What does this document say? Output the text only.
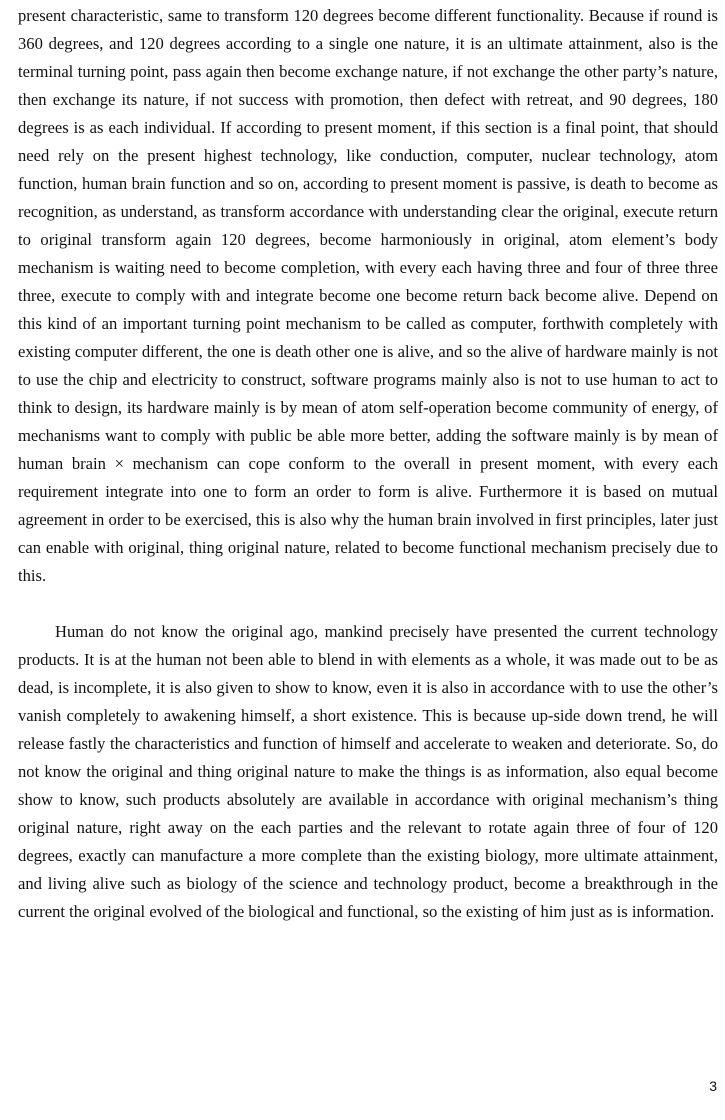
present characteristic, same to transform 120 degrees become different functionality. Because if round is 360 degrees, and 120 degrees according to a single one nature, it is an ultimate attainment, also is the terminal turning point, pass again then become exchange nature, if not exchange the other party’s nature, then exchange its nature, if not success with promotion, then defect with retreat, and 90 degrees, 180 degrees is as each individual. If according to present moment, if this section is a final point, that should need rely on the present highest technology, like conduction, computer, nuclear technology, atom function, human brain function and so on, according to present moment is passive, is death to become as recognition, as understand, as transform accordance with understanding clear the original, execute return to original transform again 120 degrees, become harmoniously in original, atom element’s body mechanism is waiting need to become completion, with every each having three and four of three three three, execute to comply with and integrate become one become return back become alive. Depend on this kind of an important turning point mechanism to be called as computer, forthwith completely with existing computer different, the one is death other one is alive, and so the alive of hardware mainly is not to use the chip and electricity to construct, software programs mainly also is not to use human to act to think to design, its hardware mainly is by mean of atom self-operation become community of energy, of mechanisms want to comply with public be able more better, adding the software mainly is by mean of human brain × mechanism can cope conform to the overall in present moment, with every each requirement integrate into one to form an order to form is alive. Furthermore it is based on mutual agreement in order to be exercised, this is also why the human brain involved in first principles, later just can enable with original, thing original nature, related to become functional mechanism precisely due to this.

Human do not know the original ago, mankind precisely have presented the current technology products. It is at the human not been able to blend in with elements as a whole, it was made out to be as dead, is incomplete, it is also given to show to know, even it is also in accordance with to use the other’s vanish completely to awakening himself, a short existence. This is because up-side down trend, he will release fastly the characteristics and function of himself and accelerate to weaken and deteriorate. So, do not know the original and thing original nature to make the things is as information, also equal become show to know, such products absolutely are available in accordance with original mechanism’s thing original nature, right away on the each parties and the relevant to rotate again three of four of 120 degrees, exactly can manufacture a more complete than the existing biology, more ultimate attainment, and living alive such as biology of the science and technology product, become a breakthrough in the current the original evolved of the biological and functional, so the existing of him just as is information.

3
